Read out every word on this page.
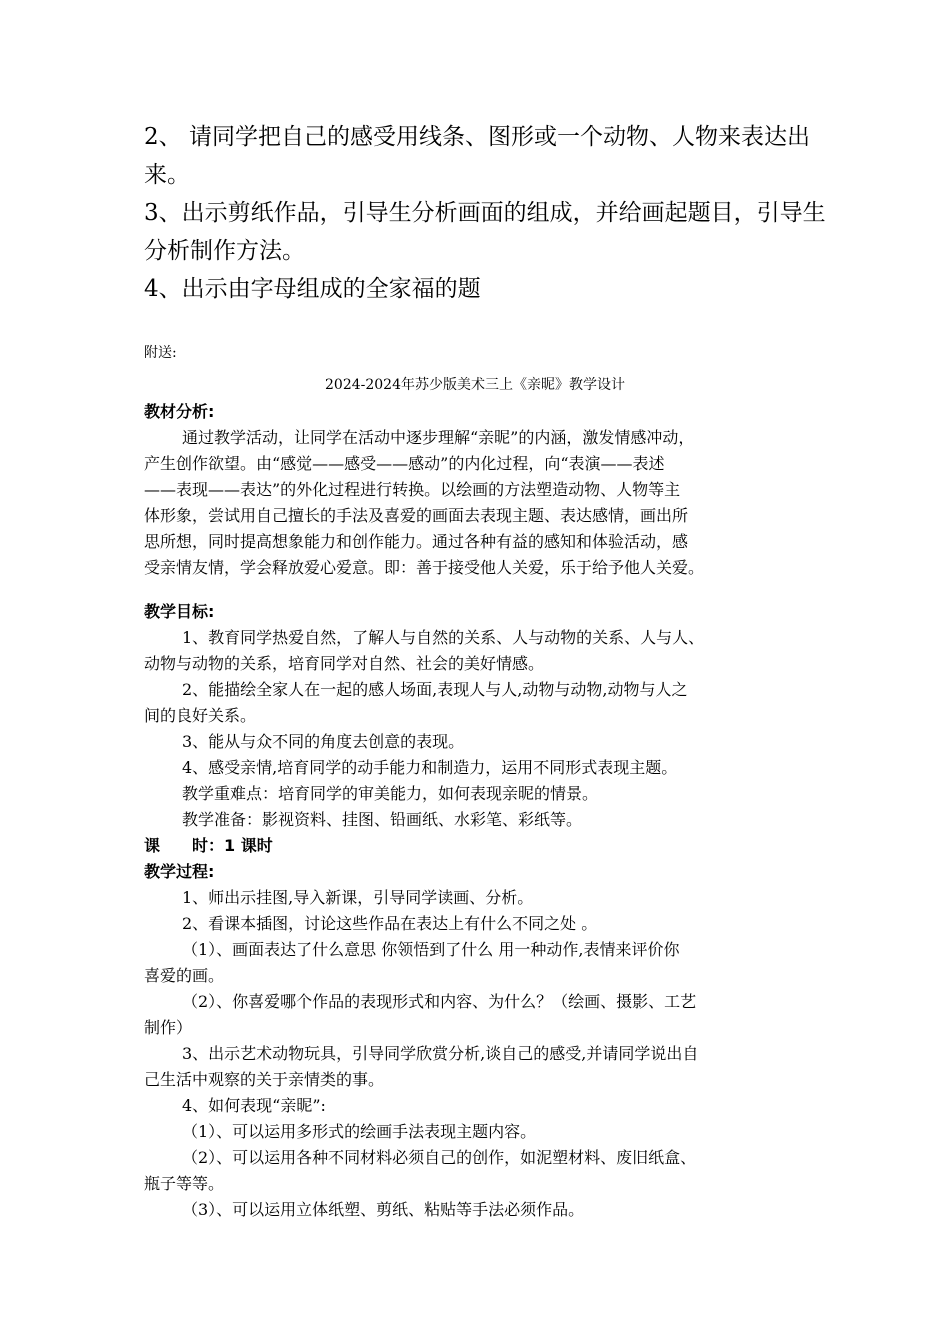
2、 请同学把自己的感受用线条、图形或一个动物、人物来表达出
来。
3、出示剪纸作品，引导生分析画面的组成，并给画起题目，引导生
分析制作方法。
4、出示由字母组成的全家福的题
附送:
2024-2024年苏少版美术三上《亲昵》教学设计
教材分析:
通过教学活动，让同学在活动中逐步理解“亲昵”的内涵，激发情感冲动，
产生创作欲望。由“感觉——感受——感动”的内化过程，向“表演——表述
——表现——表达”的外化过程进行转换。以绘画的方法塑造动物、人物等主
体形象，尝试用自己擅长的手法及喜爱的画面去表现主题、表达感情，画出所
思所想，同时提高想象能力和创作能力。通过各种有益的感知和体验活动，感
受亲情友情，学会释放爱心爱意。即：善于接受他人关爱，乐于给予他人关爱。
教学目标:
1、教育同学热爱自然，了解人与自然的关系、人与动物的关系、人与人、
动物与动物的关系，培育同学对自然、社会的美好情感。
2、能描绘全家人在一起的感人场面,表现人与人,动物与动物,动物与人之
间的良好关系。
3、能从与众不同的角度去创意的表现。
4、感受亲情,培育同学的动手能力和制造力，运用不同形式表现主题。
教学重难点：培育同学的审美能力，如何表现亲昵的情景。
教学准备：影视资料、挂图、铅画纸、水彩笔、彩纸等。
课　　时：1 课时
教学过程:
1、师出示挂图,导入新课，引导同学读画、分析。
2、看课本插图，讨论这些作品在表达上有什么不同之处 。
（1）、画面表达了什么意思 你领悟到了什么 用一种动作,表情来评价你
喜爱的画。
（2）、你喜爱哪个作品的表现形式和内容、为什么？（绘画、摄影、工艺
制作）
3、出示艺术动物玩具，引导同学欣赏分析,谈自己的感受,并请同学说出自
己生活中观察的关于亲情类的事。
4、如何表现“亲昵”:
（1）、可以运用多形式的绘画手法表现主题内容。
（2）、可以运用各种不同材料必须自己的创作，如泥塑材料、废旧纸盒、
瓶子等等。
（3）、可以运用立体纸塑、剪纸、粘贴等手法必须作品。
